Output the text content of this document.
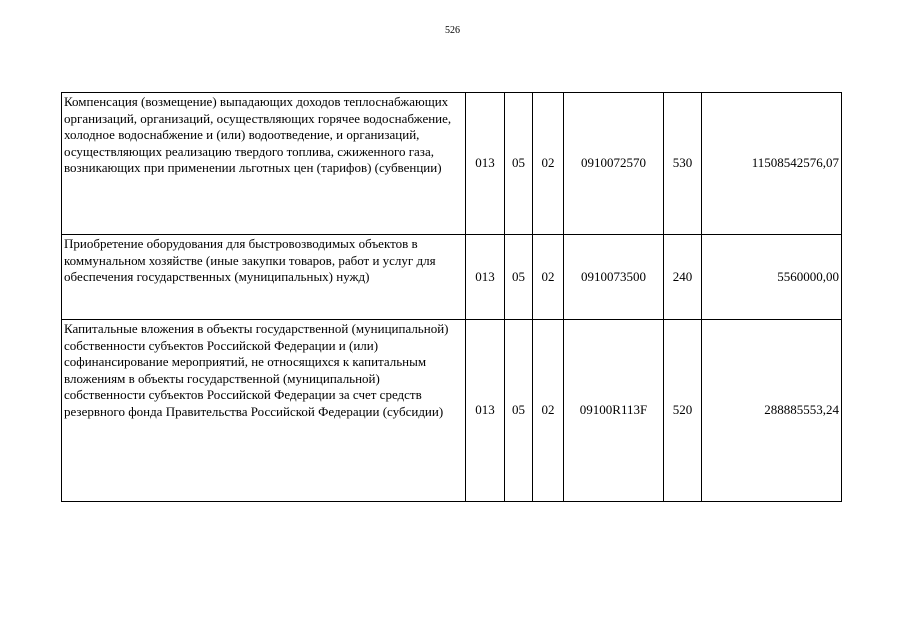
526
Компенсация (возмещение) выпадающих доходов теплоснабжающих организаций, организаций, осуществляющих горячее водоснабжение, холодное водоснабжение и (или) водоотведение, и организаций, осуществляющих реализацию твердого топлива, сжиженного газа, возникающих при применении льготных цен (тарифов) (субвенции)	013	05	02	0910072570	530	11508542576,07
Приобретение оборудования для быстровозводимых объектов в коммунальном хозяйстве (иные закупки товаров, работ и услуг для обеспечения государственных (муниципальных) нужд)	013	05	02	0910073500	240	5560000,00
Капитальные вложения в объекты государственной (муниципальной) собственности субъектов Российской Федерации и (или) софинансирование мероприятий, не относящихся к капитальным вложениям в объекты государственной (муниципальной) собственности субъектов Российской Федерации за счет средств резервного фонда Правительства Российской Федерации (субсидии)	013	05	02	09100R113F	520	288885553,24
